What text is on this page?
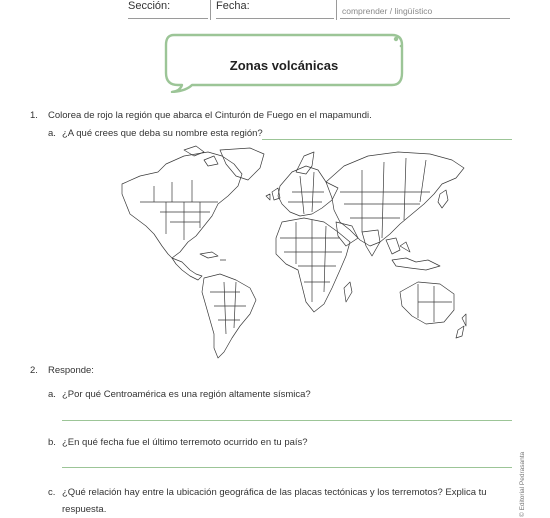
Sección:	Fecha:	comprender / lingüístico
Zonas volcánicas
1. Colorea de rojo la región que abarca el Cinturón de Fuego en el mapamundi.
a. ¿A qué crees que deba su nombre esta región?
2. Responde:
a. ¿Por qué Centroamérica es una región altamente sísmica?
b. ¿En qué fecha fue el último terremoto ocurrido en tu país?
c. ¿Qué relación hay entre la ubicación geográfica de las placas tectónicas y los terremotos? Explica tu
respuesta.	© Editorial Pedrasanta
